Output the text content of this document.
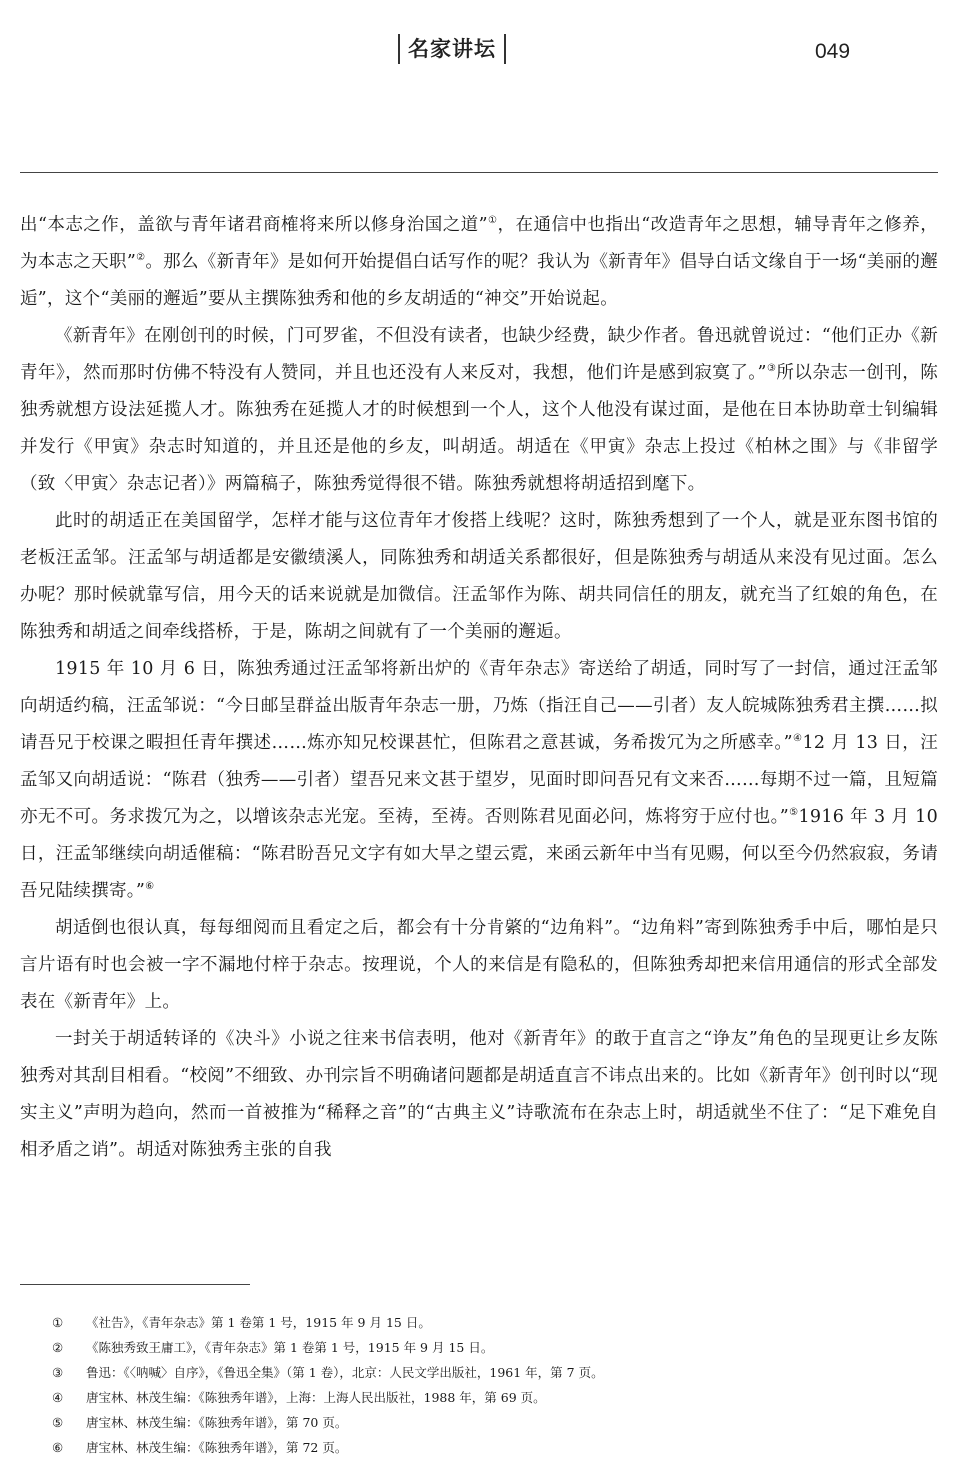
名家讲坛	049

出“本志之作，盖欲与青年诸君商榷将来所以修身治国之道”①，在通信中也指出“改造青年之思想，辅导青年之修养，为本志之天职”②。那么《新青年》是如何开始提倡白话写作的呢？我认为《新青年》倡导白话文缘自于一场“美丽的邂逅”，这个“美丽的邂逅”要从主撰陈独秀和他的乡友胡适的“神交”开始说起。

《新青年》在刚创刊的时候，门可罗雀，不但没有读者，也缺少经费，缺少作者。鲁迅就曾说过：“他们正办《新青年》，然而那时仿佛不特没有人赞同，并且也还没有人来反对，我想，他们许是感到寂寞了。”③所以杂志一创刊，陈独秀就想方设法延揽人才。陈独秀在延揽人才的时候想到一个人，这个人他没有谋过面，是他在日本协助章士钊编辑并发行《甲寅》杂志时知道的，并且还是他的乡友，叫胡适。胡适在《甲寅》杂志上投过《柏林之围》与《非留学（致〈甲寅〉杂志记者）》两篇稿子，陈独秀觉得很不错。陈独秀就想将胡适招到麾下。

此时的胡适正在美国留学，怎样才能与这位青年才俊搭上线呢？这时，陈独秀想到了一个人，就是亚东图书馆的老板汪孟邹。汪孟邹与胡适都是安徽绩溪人，同陈独秀和胡适关系都很好，但是陈独秀与胡适从来没有见过面。怎么办呢？那时候就靠写信，用今天的话来说就是加微信。汪孟邹作为陈、胡共同信任的朋友，就充当了红娘的角色，在陈独秀和胡适之间牵线搭桥，于是，陈胡之间就有了一个美丽的邂逅。

1915 年 10 月 6 日，陈独秀通过汪孟邹将新出炉的《青年杂志》寄送给了胡适，同时写了一封信，通过汪孟邹向胡适约稿，汪孟邹说：“今日邮呈群益出版青年杂志一册，乃炼（指汪自己——引者）友人皖城陈独秀君主撰……拟请吾兄于校课之暇担任青年撰述……炼亦知兄校课甚忙，但陈君之意甚诚，务希拨冗为之所感幸。”④12 月 13 日，汪孟邹又向胡适说：“陈君（独秀——引者）望吾兄来文甚于望岁，见面时即问吾兄有文来否……每期不过一篇，且短篇亦无不可。务求拨冗为之，以增该杂志光宠。至祷，至祷。否则陈君见面必问，炼将穷于应付也。”⑤1916 年 3 月 10 日，汪孟邹继续向胡适催稿：“陈君盼吾兄文字有如大旱之望云霓，来函云新年中当有见赐，何以至今仍然寂寂，务请吾兄陆续撰寄。”⑥

胡适倒也很认真，每每细阅而且看定之后，都会有十分肯綮的“边角料”。“边角料”寄到陈独秀手中后，哪怕是只言片语有时也会被一字不漏地付梓于杂志。按理说，个人的来信是有隐私的，但陈独秀却把来信用通信的形式全部发表在《新青年》上。

一封关于胡适转译的《决斗》小说之往来书信表明，他对《新青年》的敢于直言之“诤友”角色的呈现更让乡友陈独秀对其刮目相看。“校阅”不细致、办刊宗旨不明确诸问题都是胡适直言不讳点出来的。比如《新青年》创刊时以“现实主义”声明为趋向，然而一首被推为“稀释之音”的“古典主义”诗歌流布在杂志上时，胡适就坐不住了：“足下难免自相矛盾之诮”。胡适对陈独秀主张的自我

① 《社告》，《青年杂志》第 1 卷第 1 号，1915 年 9 月 15 日。
② 《陈独秀致王庸工》，《青年杂志》第 1 卷第 1 号，1915 年 9 月 15 日。
③ 鲁迅：《〈呐喊〉自序》，《鲁迅全集》（第 1 卷），北京：人民文学出版社，1961 年，第 7 页。
④ 唐宝林、林茂生编：《陈独秀年谱》，上海：上海人民出版社，1988 年，第 69 页。
⑤ 唐宝林、林茂生编：《陈独秀年谱》，第 70 页。
⑥ 唐宝林、林茂生编：《陈独秀年谱》，第 72 页。
